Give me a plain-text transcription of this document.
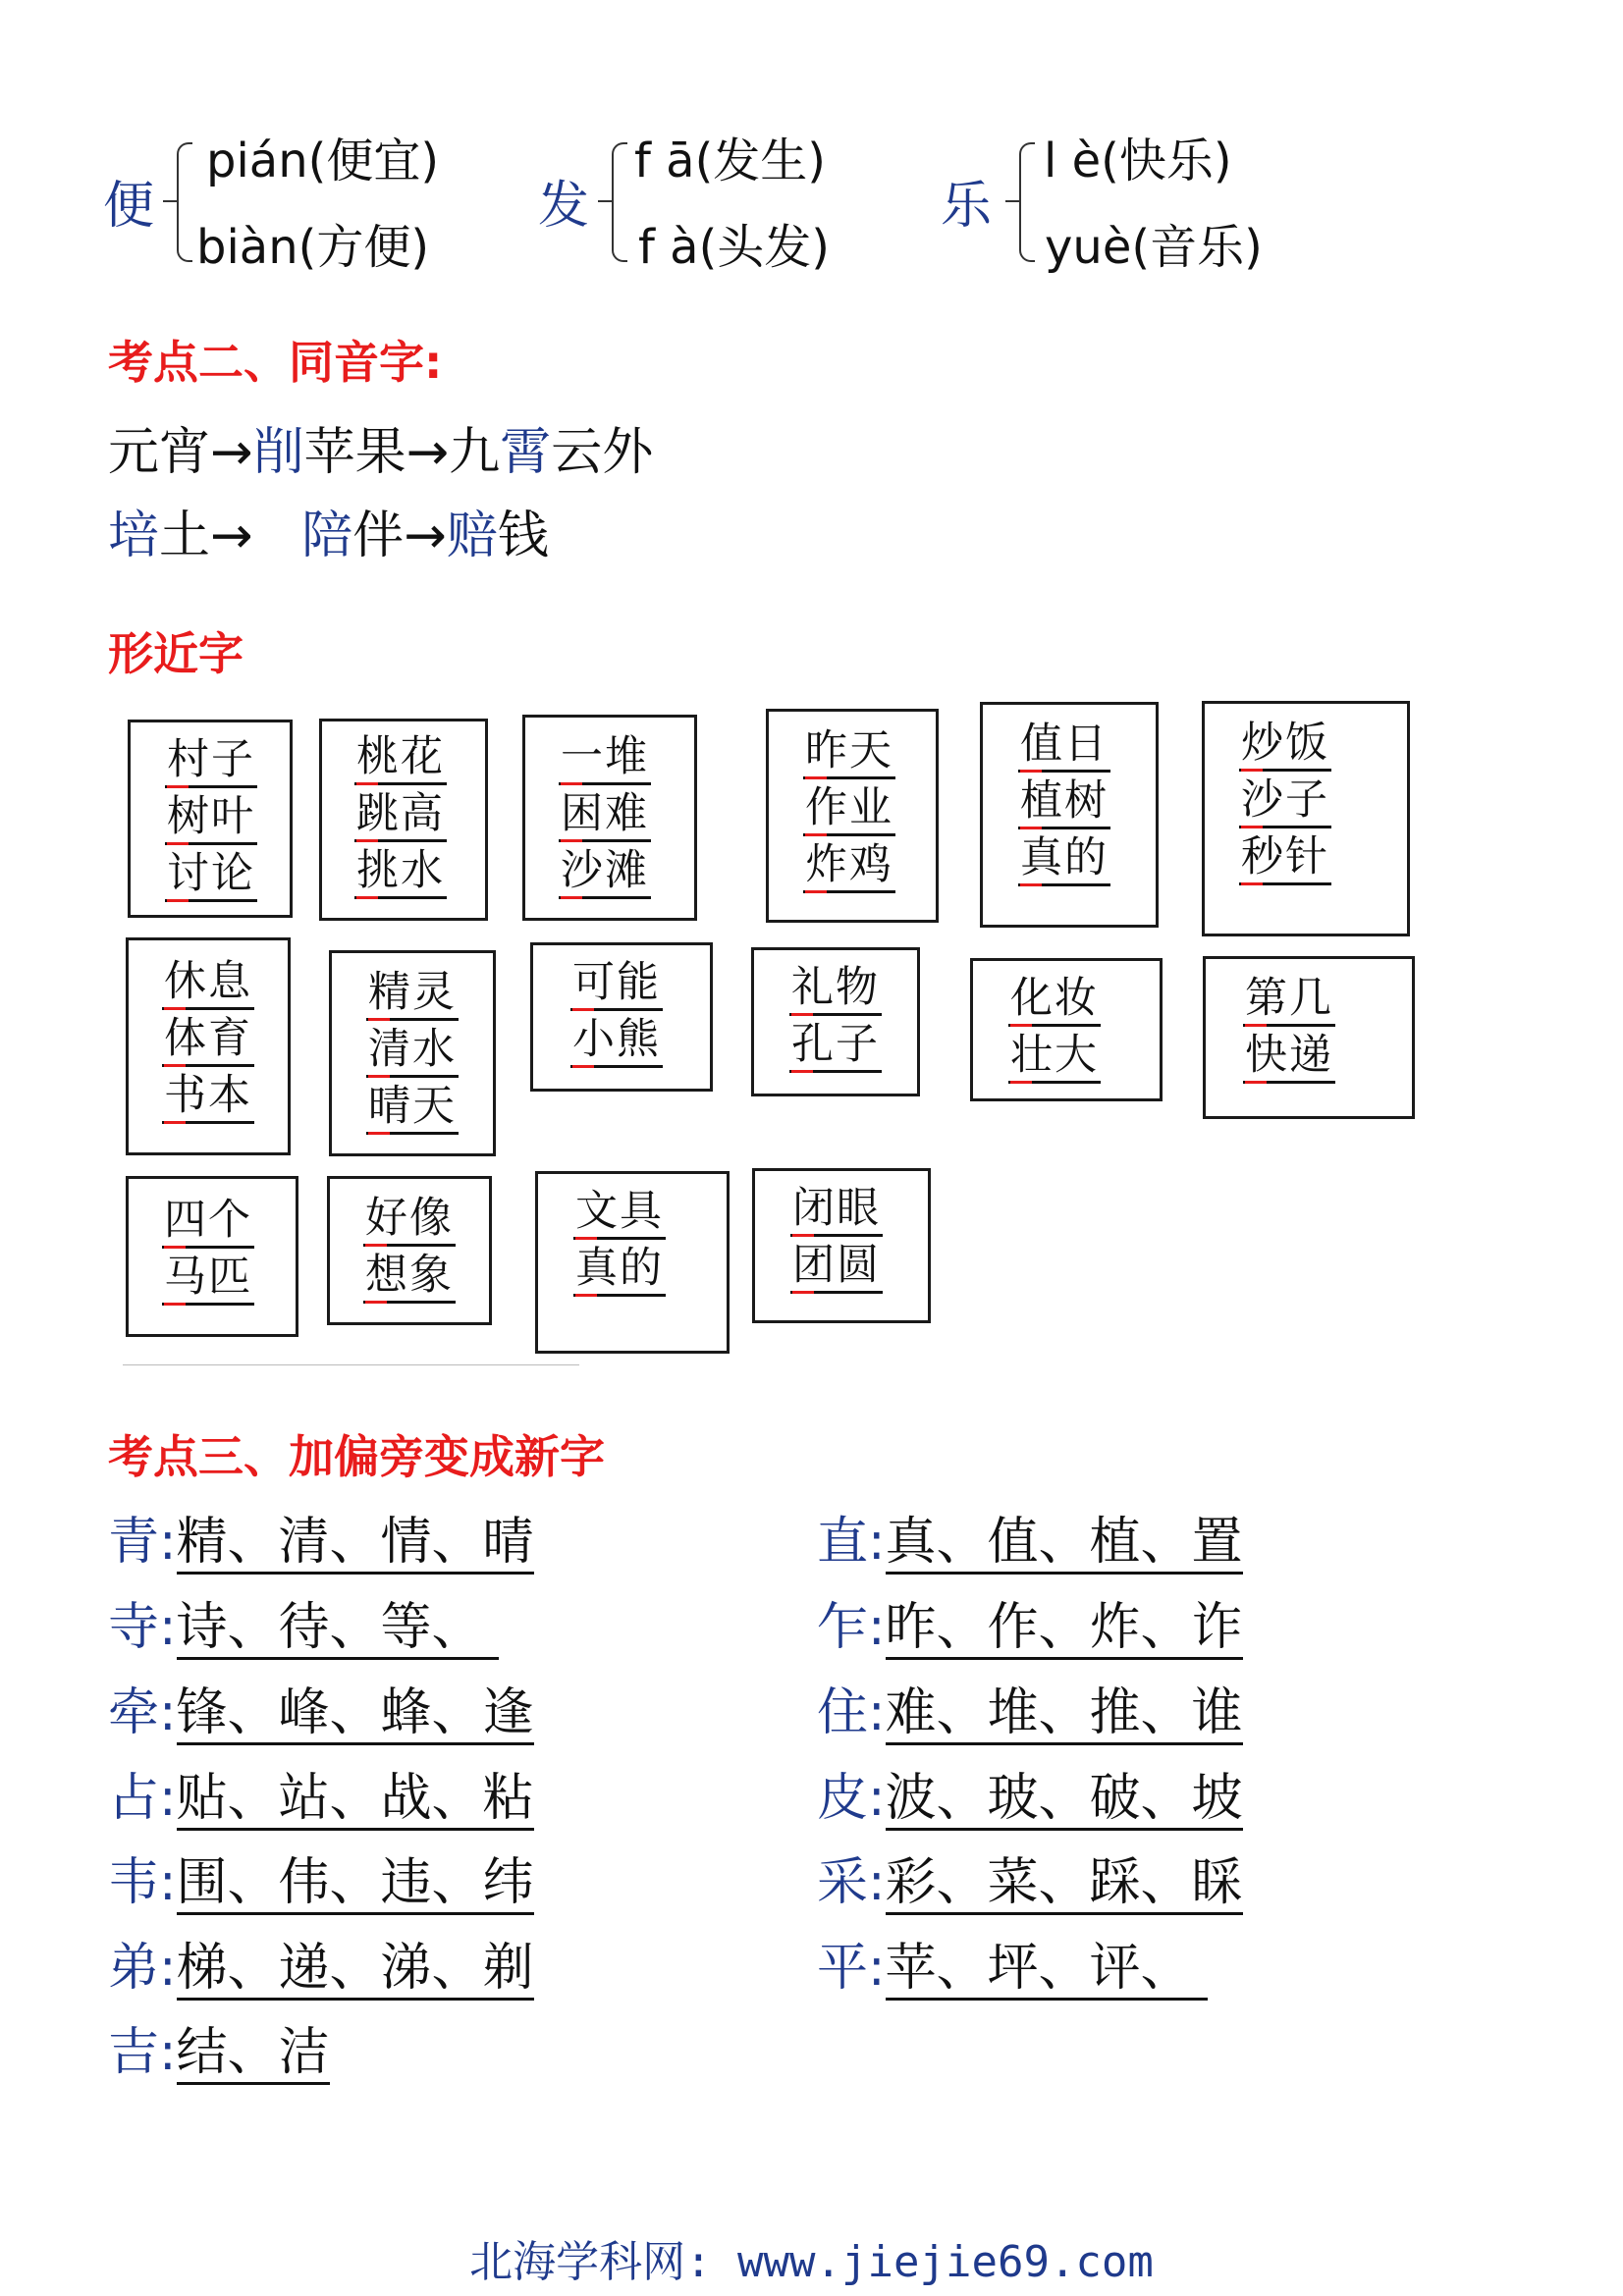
便
pián(便宜)
biàn(方便)
发
f ā(发生)
f à(头发)
乐
l è(快乐)
yuè(音乐)
考点二、同音字:
元宵→削苹果→九霄云外
培土→   陪伴→赔钱
形近字
村子
树叶
讨论
桃花
跳高
挑水
一堆
困难
沙滩
昨天
作业
炸鸡
值日
植树
真的
炒饭
沙子
秒针
休息
体育
书本
精灵
清水
晴天
可能
小熊
礼物
孔子
化妆
壮大
第几
快递
四个
马匹
好像
想象
文具
真的
闭眼
团圆
考点三、加偏旁变成新字
青:精、清、情、晴
寺:诗、待、等、
牵:锋、峰、蜂、逢
占:贴、站、战、粘
韦:围、伟、违、纬
弟:梯、递、涕、剃
吉:结、洁
直:真、值、植、置
乍:昨、作、炸、诈
住:难、堆、推、谁
皮:波、玻、破、坡
采:彩、菜、踩、睬
平:苹、坪、评、
北海学科网: www.jiejie69.com
